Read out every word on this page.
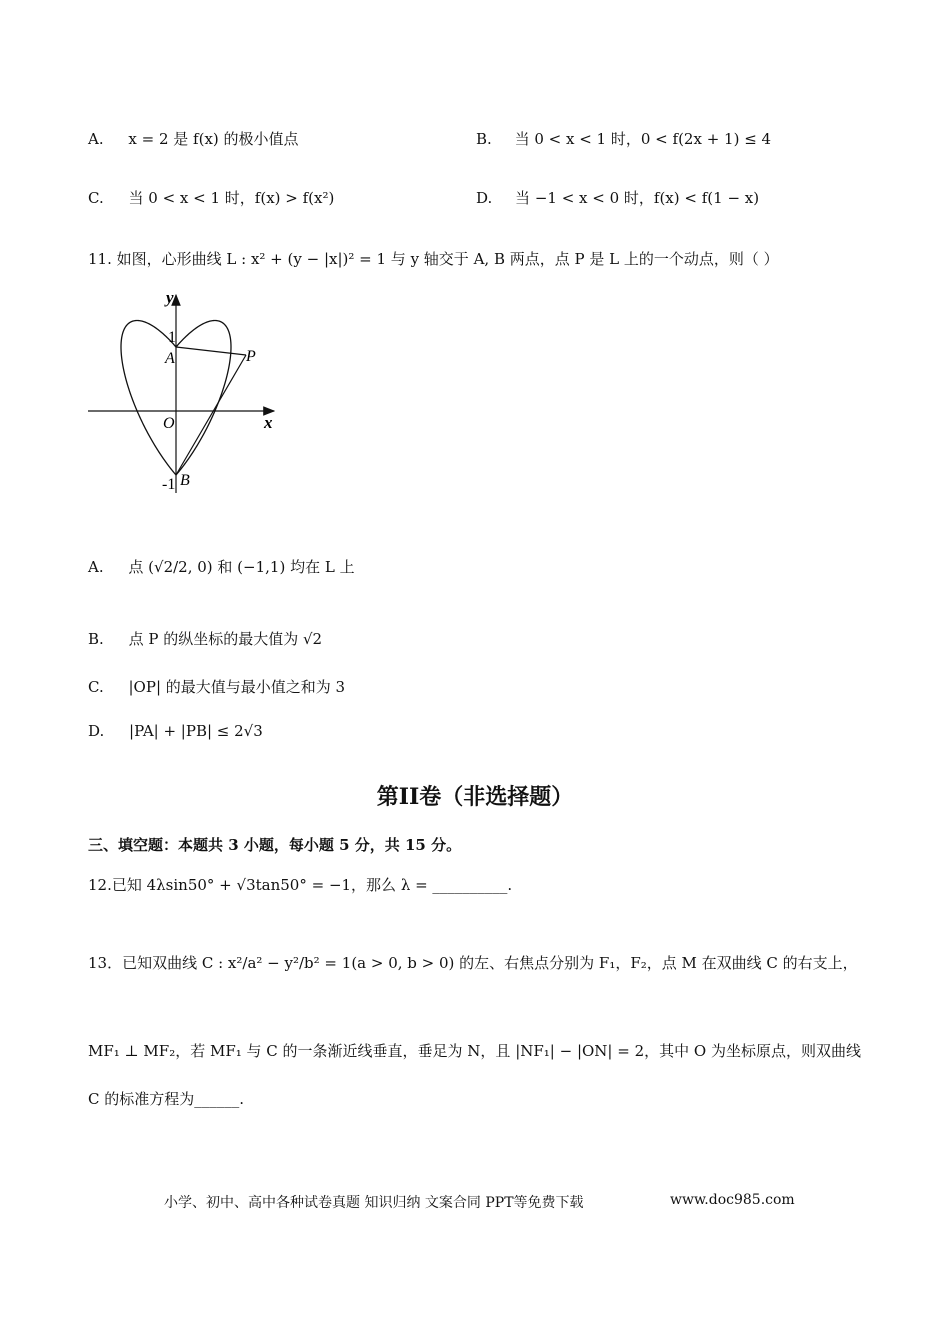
A. x = 2 是 f(x) 的极小值点	B. 当 0 < x < 1 时，0 < f(2x + 1) ≤ 4
C. 当 0 < x < 1 时，f(x) > f(x²)	D. 当 −1 < x < 0 时，f(x) < f(1 − x)
11. 如图，心形曲线 L : x² + (y − |x|)² = 1 与 y 轴交于 A, B 两点，点 P 是 L 上的一个动点，则（ ）
y
x
O
1
-1
A
B
P
A. 点 (√2/2, 0) 和 (−1,1) 均在 L 上
B. 点 P 的纵坐标的最大值为 √2
C. |OP| 的最大值与最小值之和为 3
D. |PA| + |PB| ≤ 2√3
第II卷（非选择题）
三、填空题：本题共 3 小题，每小题 5 分，共 15 分。
12.已知 4λsin50° + √3tan50° = −1，那么 λ = __________.
13．已知双曲线 C : x²/a² − y²/b² = 1(a > 0, b > 0) 的左、右焦点分别为 F₁，F₂，点 M 在双曲线 C 的右支上，
MF₁ ⊥ MF₂，若 MF₁ 与 C 的一条渐近线垂直，垂足为 N，且 |NF₁| − |ON| = 2，其中 O 为坐标原点，则双曲线
C 的标准方程为______.
小学、初中、高中各种试卷真题 知识归纳 文案合同 PPT等免费下载	www.doc985.com
